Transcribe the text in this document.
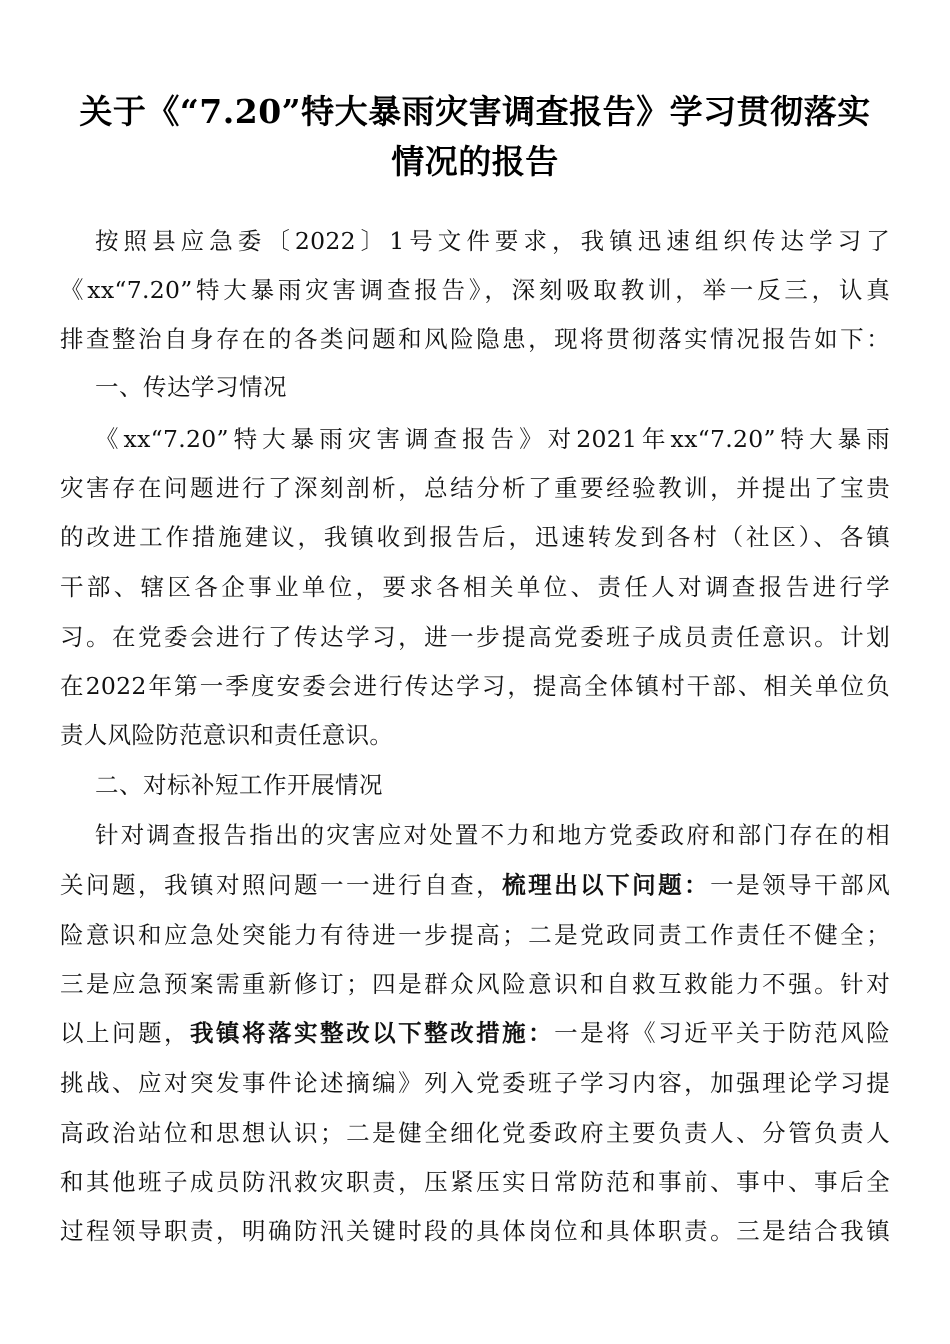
关于《“7.20”特大暴雨灾害调查报告》学习贯彻落实
情况的报告
按照县应急委〔2022〕1号文件要求，我镇迅速组织传达学习了
《xx“7.20”特大暴雨灾害调查报告》，深刻吸取教训，举一反三，认真
排查整治自身存在的各类问题和风险隐患，现将贯彻落实情况报告如下：
一、传达学习情况
《xx“7.20”特大暴雨灾害调查报告》对2021年xx“7.20”特大暴雨
灾害存在问题进行了深刻剖析，总结分析了重要经验教训，并提出了宝贵
的改进工作措施建议，我镇收到报告后，迅速转发到各村（社区）、各镇
干部、辖区各企事业单位，要求各相关单位、责任人对调查报告进行学
习。在党委会进行了传达学习，进一步提高党委班子成员责任意识。计划
在2022年第一季度安委会进行传达学习，提高全体镇村干部、相关单位负
责人风险防范意识和责任意识。
二、对标补短工作开展情况
针对调查报告指出的灾害应对处置不力和地方党委政府和部门存在的相
关问题，我镇对照问题一一进行自查，梳理出以下问题：一是领导干部风
险意识和应急处突能力有待进一步提高；二是党政同责工作责任不健全；
三是应急预案需重新修订；四是群众风险意识和自救互救能力不强。针对
以上问题，我镇将落实整改以下整改措施：一是将《习近平关于防范风险
挑战、应对突发事件论述摘编》列入党委班子学习内容，加强理论学习提
高政治站位和思想认识；二是健全细化党委政府主要负责人、分管负责人
和其他班子成员防汛救灾职责，压紧压实日常防范和事前、事中、事后全
过程领导职责，明确防汛关键时段的具体岗位和具体职责。三是结合我镇
